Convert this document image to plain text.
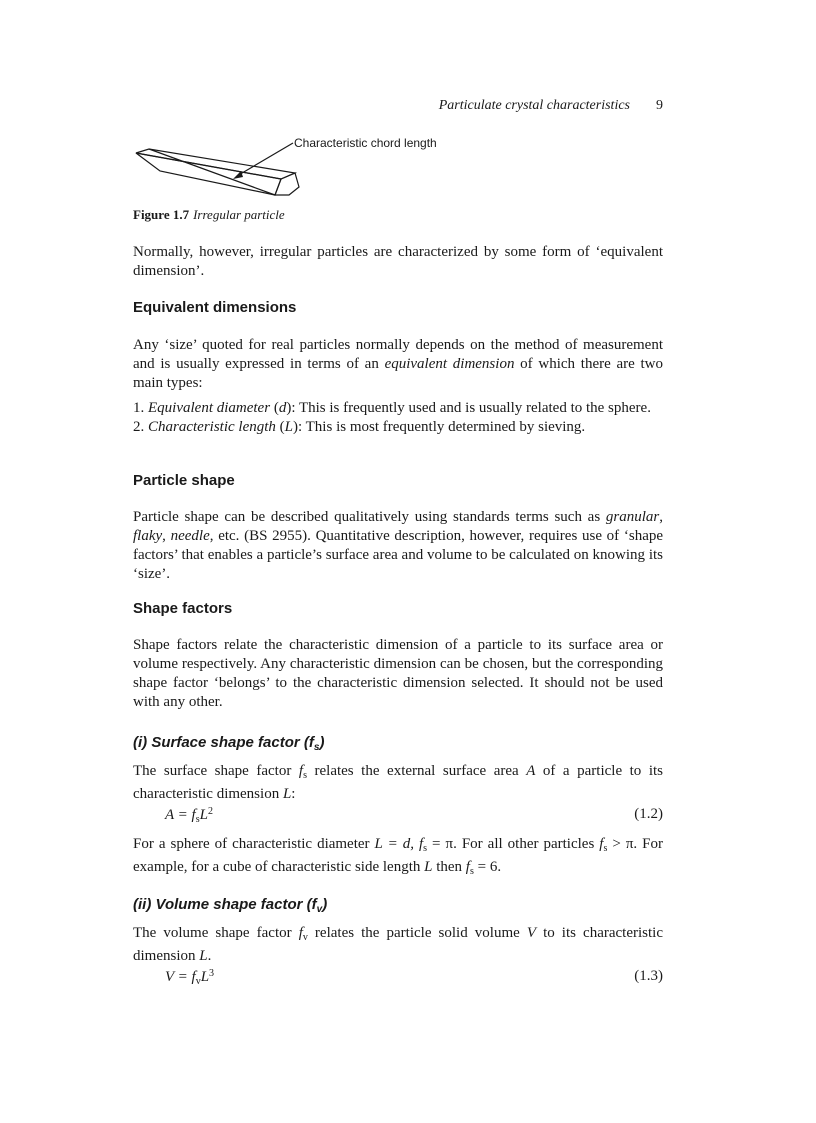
Particulate crystal characteristics 9
Characteristic chord length
Figure 1.7 Irregular particle

Normally, however, irregular particles are characterized by some form of ‘equivalent dimension’.

Equivalent dimensions

Any ‘size’ quoted for real particles normally depends on the method of measurement and is usually expressed in terms of an equivalent dimension of which there are two main types:

1. Equivalent diameter (d): This is frequently used and is usually related to the sphere.
2. Characteristic length (L): This is most frequently determined by sieving.
Particle shape

Particle shape can be described qualitatively using standards terms such as granular, flaky, needle, etc. (BS 2955). Quantitative description, however, requires use of ‘shape factors’ that enables a particle’s surface area and volume to be calculated on knowing its ‘size’.

Shape factors

Shape factors relate the characteristic dimension of a particle to its surface area or volume respectively. Any characteristic dimension can be chosen, but the corresponding shape factor ‘belongs’ to the characteristic dimension selected. It should not be used with any other.

(i) Surface shape factor $(f_s)$

The surface shape factor $f_s$ relates the external surface area A of a particle to its characteristic dimension L:

$A = f_sL^2$	(1.2)

For a sphere of characteristic diameter L = d, $f_s = \pi$. For all other particles $f_s > \pi$. For example, for a cube of characteristic side length L then $f_s = 6$.

(ii) Volume shape factor $(f_v)$

The volume shape factor $f_v$ relates the particle solid volume V to its characteristic dimension L.

$V = f_vL^3$	(1.3)
